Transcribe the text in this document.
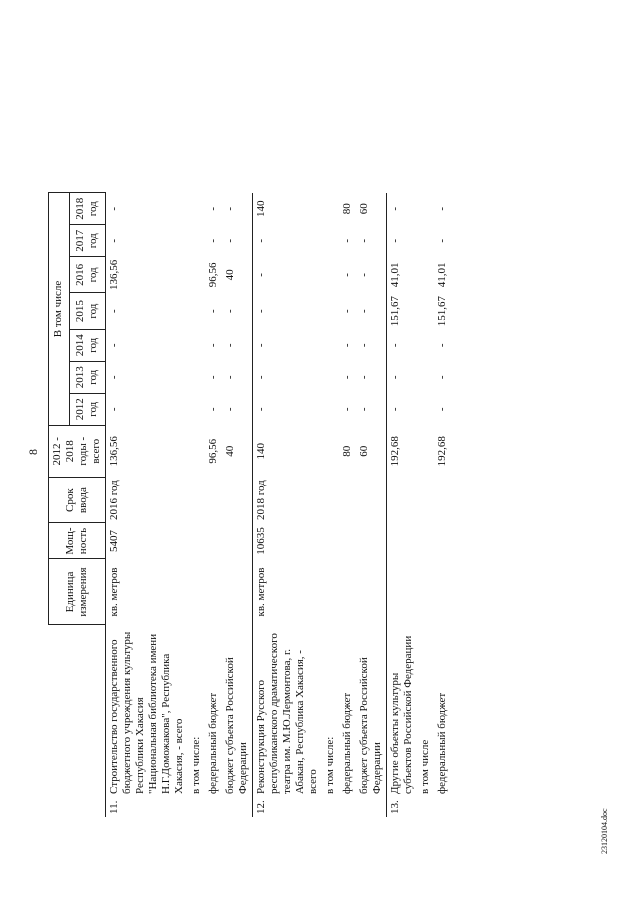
8
		Единица измерения	Мощ-ность	Срок ввода	2012 - 2018 годы - всего	В том числе						
						2012 год	2013 год	2014 год	2015 год	2016 год	2017 год	2018 год
11.	Строительство государственного бюджетного учреждения культуры Республики Хакасия "Национальная библиотека имени Н.Г.Доможакова", Республика Хакасия, - всего	кв. метров	5407	2016 год	136,56	-	-	-	-	136,56	-	-
	в том числе:											
	федеральный бюджет				96,56	-	-	-	-	96,56	-	-
	бюджет субъекта Российской Федерации				40	-	-	-	-	40	-	-
12.	Реконструкция Русского республиканского драматического театра им. М.Ю.Лермонтова, г. Абакан, Республика Хакасия, - всего	кв. метров	10635	2018 год	140	-	-	-	-	-	-	140
	в том числе:											
	федеральный бюджет				80	-	-	-	-	-	-	80
	бюджет субъекта Российской Федерации				60	-	-	-	-	-	-	60
13.	Другие объекты культуры субъектов Российской Федерации				192,68	-	-	-	151,67	41,01	-	-
	в том числе											
	федеральный бюджет				192,68	-	-	-	151,67	41,01	-	-
23120104.doc
